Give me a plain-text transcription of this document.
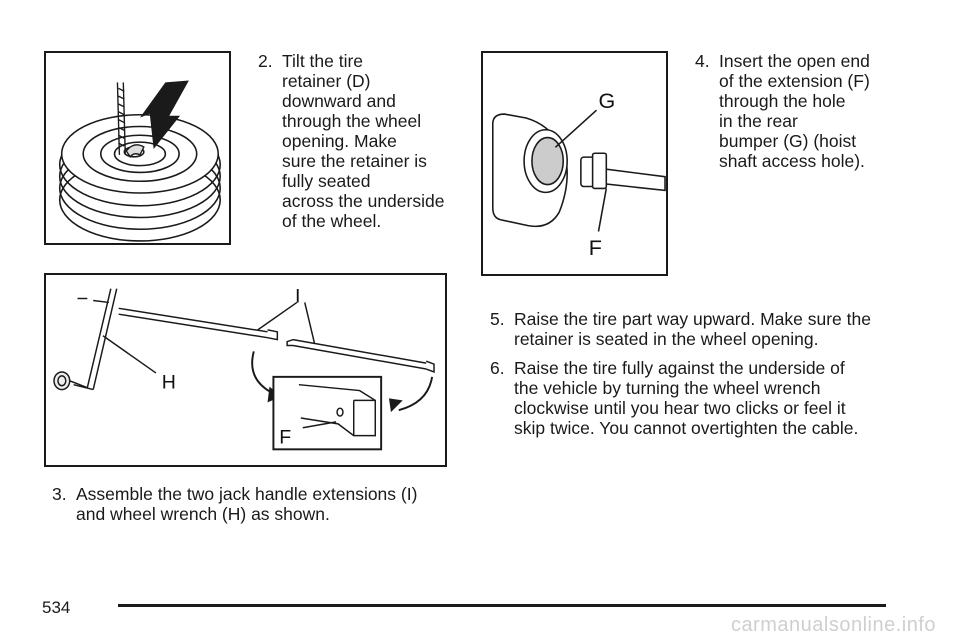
2. Tilt the tire
retainer (D)
downward and
through the wheel
opening. Make
sure the retainer is
fully seated
across the underside
of the wheel.
I
H
F
3. Assemble the two jack handle extensions (I)
and wheel wrench (H) as shown.
G
F
4. Insert the open end
of the extension (F)
through the hole
in the rear
bumper (G) (hoist
shaft access hole).
5. Raise the tire part way upward. Make sure the
retainer is seated in the wheel opening.
6. Raise the tire fully against the underside of
the vehicle by turning the wheel wrench
clockwise until you hear two clicks or feel it
skip twice. You cannot overtighten the cable.
534
carmanualsonline.info
